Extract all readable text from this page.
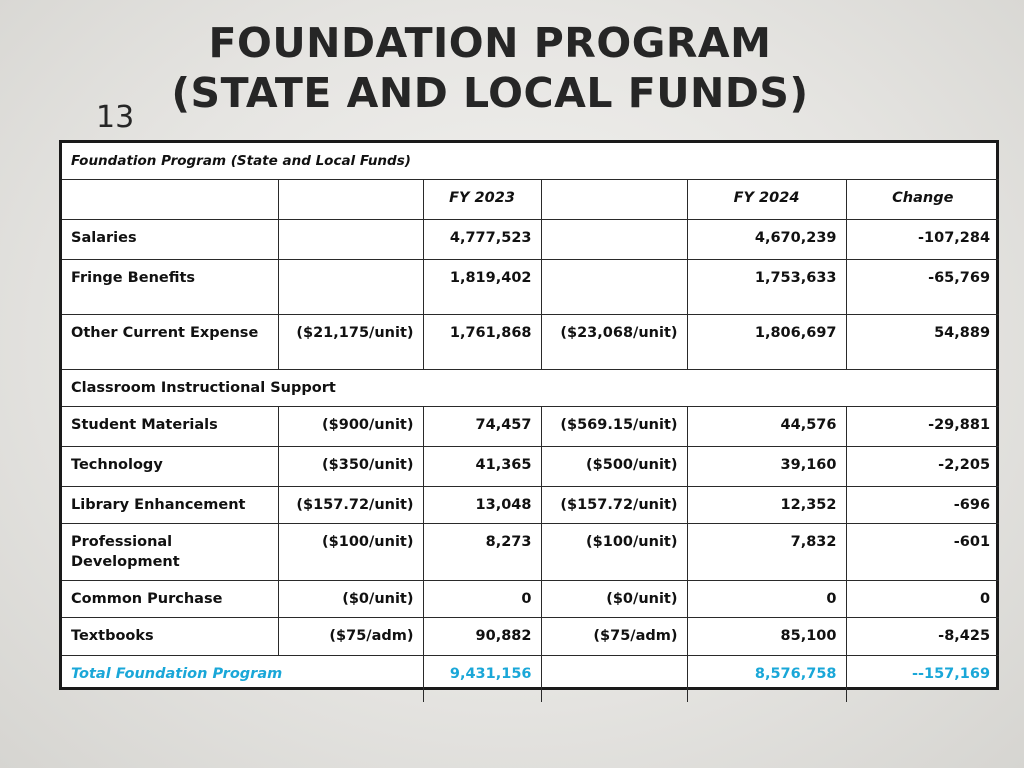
FOUNDATION PROGRAM
(STATE AND LOCAL FUNDS)
13
Foundation Program (State and Local Funds)					
		FY 2023		FY 2024	Change
Salaries		4,777,523		4,670,239	-107,284
Fringe Benefits		1,819,402		1,753,633	-65,769
Other Current Expense	($21,175/unit)	1,761,868	($23,068/unit)	1,806,697	54,889
Classroom Instructional Support					
Student Materials	($900/unit)	74,457	($569.15/unit)	44,576	-29,881
Technology	($350/unit)	41,365	($500/unit)	39,160	-2,205
Library Enhancement	($157.72/unit)	13,048	($157.72/unit)	12,352	-696
Professional Development	($100/unit)	8,273	($100/unit)	7,832	-601
Common Purchase	($0/unit)	0	($0/unit)	0	0
Textbooks	($75/adm)	90,882	($75/adm)	85,100	-8,425
Total Foundation Program		9,431,156		8,576,758	--157,169
